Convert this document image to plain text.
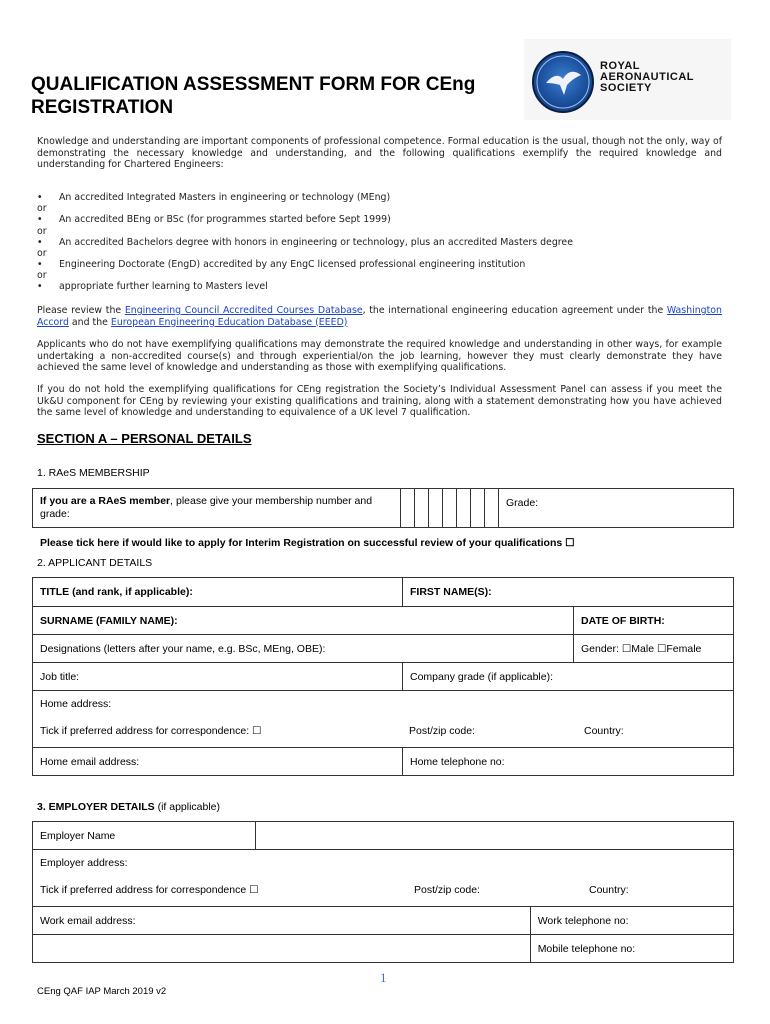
QUALIFICATION ASSESSMENT FORM FOR CEng
REGISTRATION
ROYAL
AERONAUTICAL
SOCIETY
Knowledge and understanding are important components of professional competence. Formal education is the usual, though not the only, way of demonstrating the necessary knowledge and understanding, and the following qualifications exemplify the required knowledge and understanding for Chartered Engineers:
• An accredited Integrated Masters in engineering or technology (MEng)
or
• An accredited BEng or BSc (for programmes started before Sept 1999)
or
• An accredited Bachelors degree with honors in engineering or technology, plus an accredited Masters degree
or
• Engineering Doctorate (EngD) accredited by any EngC licensed professional engineering institution
or
• appropriate further learning to Masters level
Please review the Engineering Council Accredited Courses Database, the international engineering education agreement under the Washington Accord and the European Engineering Education Database (EEED)
Applicants who do not have exemplifying qualifications may demonstrate the required knowledge and understanding in other ways, for example undertaking a non-accredited course(s) and through experiential/on the job learning, however they must clearly demonstrate they have achieved the same level of knowledge and understanding as those with exemplifying qualifications.
If you do not hold the exemplifying qualifications for CEng registration the Society’s Individual Assessment Panel can assess if you meet the Uk&U component for CEng by reviewing your existing qualifications and training, along with a statement demonstrating how you have achieved the same level of knowledge and understanding to equivalence of a UK level 7 qualification.
SECTION A – PERSONAL DETAILS
1. RAeS MEMBERSHIP
If you are a RAeS member, please give your membership number and grade:								Grade:
Please tick here if would like to apply for Interim Registration on successful review of your qualifications ☐
2. APPLICANT DETAILS
TITLE (and rank, if applicable):	FIRST NAME(S):	
SURNAME (FAMILY NAME):		DATE OF BIRTH:
Designations (letters after your name, e.g. BSc, MEng, OBE):		Gender: ☐Male ☐Female
Job title:	Company grade (if applicable):	

Home address:
Tick if preferred address for correspondence: ☐ Post/zip code: Country:		

Home email address:	Home telephone no:	
3. EMPLOYER DETAILS (if applicable)
Employer Name		

Employer address:
Tick if preferred address for correspondence ☐ Post/zip code: Country:		

Work email address:		Work telephone no:
		Mobile telephone no:
1
CEng QAF IAP March 2019 v2
